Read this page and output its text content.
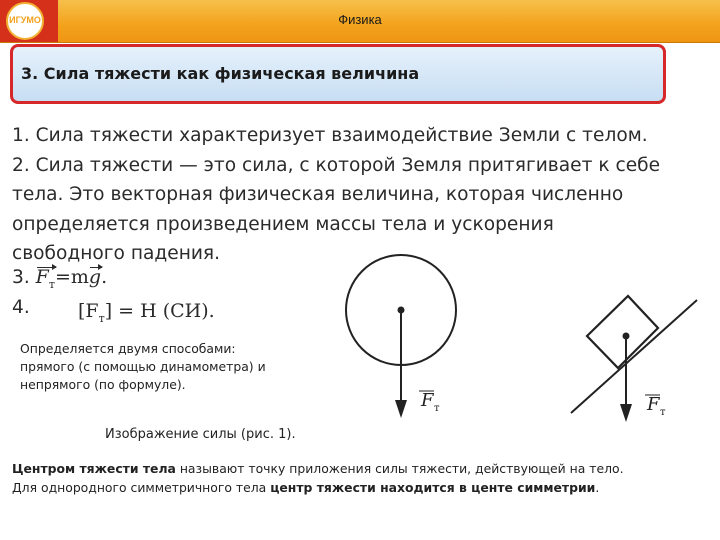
ИГУМО	Физика
3. Сила тяжести как физическая величина

1. Сила тяжести характеризует взаимодействие Земли с телом.

2. Сила тяжести — это сила, с которой Земля притягивает к себе

тела. Это векторная физическая величина, которая численно

определяется произведением массы тела и ускорения

свободного падения.

3. $F_т=mg$.
4.	$[F_т] = Н$ (СИ).

Определяется двумя способами:

прямого (с помощью динамометра) и

непрямого (по формуле).

F т	F т
Изображение силы (рис. 1).

Центром тяжести тела называют точку приложения силы тяжести, действующей на тело.

Для однородного симметричного тела центр тяжести находится в центе симметрии.
